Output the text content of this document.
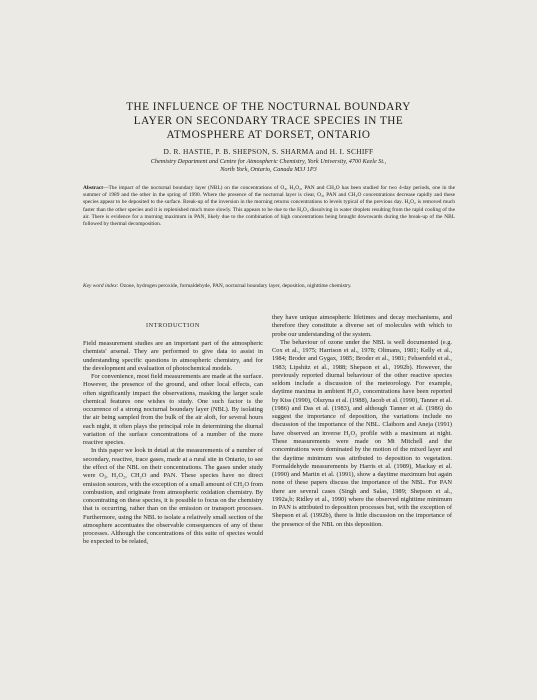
THE INFLUENCE OF THE NOCTURNAL BOUNDARY
LAYER ON SECONDARY TRACE SPECIES IN THE
ATMOSPHERE AT DORSET, ONTARIO
D. R. HASTIE, P. B. SHEPSON, S. SHARMA and H. I. SCHIFF
Chemistry Department and Centre for Atmospheric Chemistry, York University, 4700 Keele St.,
North York, Ontario, Canada M3J 1P3

Abstract—The impact of the nocturnal boundary layer (NBL) on the concentrations of O₃, H₂O₂, PAN and CH₂O has been studied for two 4-day periods, one in the summer of 1989 and the other in the spring of 1990. Where the presence of the nocturnal layer is clear, O₃, PAN and CH₂O concentrations decrease rapidly and these species appear to be deposited to the surface. Break-up of the inversion in the morning returns concentrations to levels typical of the previous day. H₂O₂ is removed much faster than the other species and it is replenished much more slowly. This appears to be due to the H₂O₂ dissolving in water droplets resulting from the rapid cooling of the air. There is evidence for a morning maximum in PAN, likely due to the combination of high concentrations being brought downwards during the break-up of the NBL followed by thermal decomposition.

Key word index: Ozone, hydrogen peroxide, formaldehyde, PAN, nocturnal boundary layer, deposition, nighttime chemistry.

INTRODUCTION

Field measurement studies are an important part of the atmospheric chemists' arsenal. They are performed to give data to assist in understanding specific questions in atmospheric chemistry, and for the development and evaluation of photochemical models.

For convenience, most field measurements are made at the surface. However, the presence of the ground, and other local effects, can often significantly impact the observations, masking the larger scale chemical features one wishes to study. One such factor is the occurrence of a strong nocturnal boundary layer (NBL). By isolating the air being sampled from the bulk of the air aloft, for several hours each night, it often plays the principal role in determining the diurnal variation of the surface concentrations of a number of the more reactive species.

In this paper we look in detail at the measurements of a number of secondary, reactive, trace gases, made at a rural site in Ontario, to see the effect of the NBL on their concentrations. The gases under study were O₃, H₂O₂, CH₂O and PAN. These species have no direct emission sources, with the exception of a small amount of CH₂O from combustion, and originate from atmospheric oxidation chemistry. By concentrating on these species, it is possible to focus on the chemistry that is occurring, rather than on the emission or transport processes. Furthermore, using the NBL to isolate a relatively small section of the atmosphere accentuates the observable consequences of any of these processes. Although the concentrations of this suite of species would be expected to be related,

they have unique atmospheric lifetimes and decay mechanisms, and therefore they constitute a diverse set of molecules with which to probe our understanding of the system.

The behaviour of ozone under the NBL is well documented (e.g. Cox et al., 1975; Harrison et al., 1978; Oltmans, 1981; Kelly et al., 1984; Broder and Gygax, 1985; Broder et al., 1981; Fehsenfeld et al., 1983; Lipshitz et al., 1988; Shepson et al., 1992b). However, the previously reported diurnal behaviour of the other reactive species seldom include a discussion of the meteorology. For example, daytime maxima in ambient H₂O₂ concentrations have been reported by Kiss (1990), Olszyna et al. (1988), Jacob et al. (1990), Tanner et al. (1986) and Das et al. (1983), and although Tanner et al. (1986) do suggest the importance of deposition, the variations include no discussion of the importance of the NBL. Claiborn and Aneja (1991) have observed an inverse H₂O₂ profile with a maximum at night. These measurements were made on Mt Mitchell and the concentrations were dominated by the motion of the mixed layer and the daytime minimum was attributed to deposition to vegetation. Formaldehyde measurements by Harris et al. (1989), Mackay et al. (1990) and Martin et al. (1991), show a daytime maximum but again none of these papers discuss the importance of the NBL. For PAN there are several cases (Singh and Salas, 1989; Shepson et al., 1992a,b; Ridley et al., 1990) where the observed nighttime minimum in PAN is attributed to deposition processes but, with the exception of Shepson et al. (1992b), there is little discussion on the importance of the presence of the NBL on this deposition.
